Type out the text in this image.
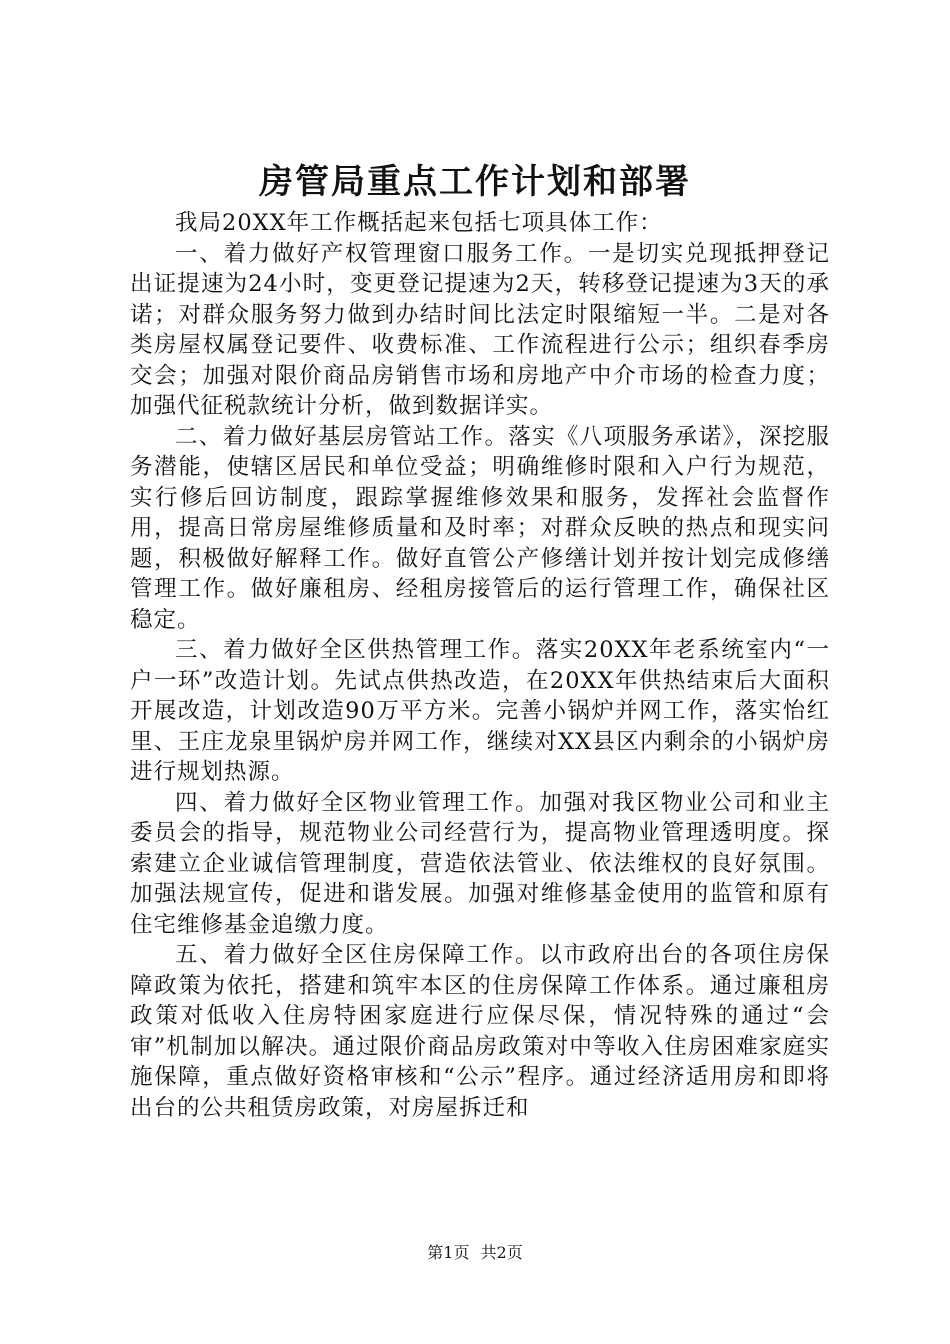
房管局重点工作计划和部署

我局20XX年工作概括起来包括七项具体工作：

一、着力做好产权管理窗口服务工作。一是切实兑现抵押登记出证提速为24小时，变更登记提速为2天，转移登记提速为3天的承诺；对群众服务努力做到办结时间比法定时限缩短一半。二是对各类房屋权属登记要件、收费标准、工作流程进行公示；组织春季房交会；加强对限价商品房销售市场和房地产中介市场的检查力度；加强代征税款统计分析，做到数据详实。

二、着力做好基层房管站工作。落实《八项服务承诺》，深挖服务潜能，使辖区居民和单位受益；明确维修时限和入户行为规范，实行修后回访制度，跟踪掌握维修效果和服务，发挥社会监督作用，提高日常房屋维修质量和及时率；对群众反映的热点和现实问题，积极做好解释工作。做好直管公产修缮计划并按计划完成修缮管理工作。做好廉租房、经租房接管后的运行管理工作，确保社区稳定。

三、着力做好全区供热管理工作。落实20XX年老系统室内“一户一环”改造计划。先试点供热改造，在20XX年供热结束后大面积开展改造，计划改造90万平方米。完善小锅炉并网工作，落实怡红里、王庄龙泉里锅炉房并网工作，继续对XX县区内剩余的小锅炉房进行规划热源。

四、着力做好全区物业管理工作。加强对我区物业公司和业主委员会的指导，规范物业公司经营行为，提高物业管理透明度。探索建立企业诚信管理制度，营造依法管业、依法维权的良好氛围。加强法规宣传，促进和谐发展。加强对维修基金使用的监管和原有住宅维修基金追缴力度。

五、着力做好全区住房保障工作。以市政府出台的各项住房保障政策为依托，搭建和筑牢本区的住房保障工作体系。通过廉租房政策对低收入住房特困家庭进行应保尽保，情况特殊的通过“会审”机制加以解决。通过限价商品房政策对中等收入住房困难家庭实施保障，重点做好资格审核和“公示”程序。通过经济适用房和即将出台的公共租赁房政策，对房屋拆迁和

第1页 共2页
